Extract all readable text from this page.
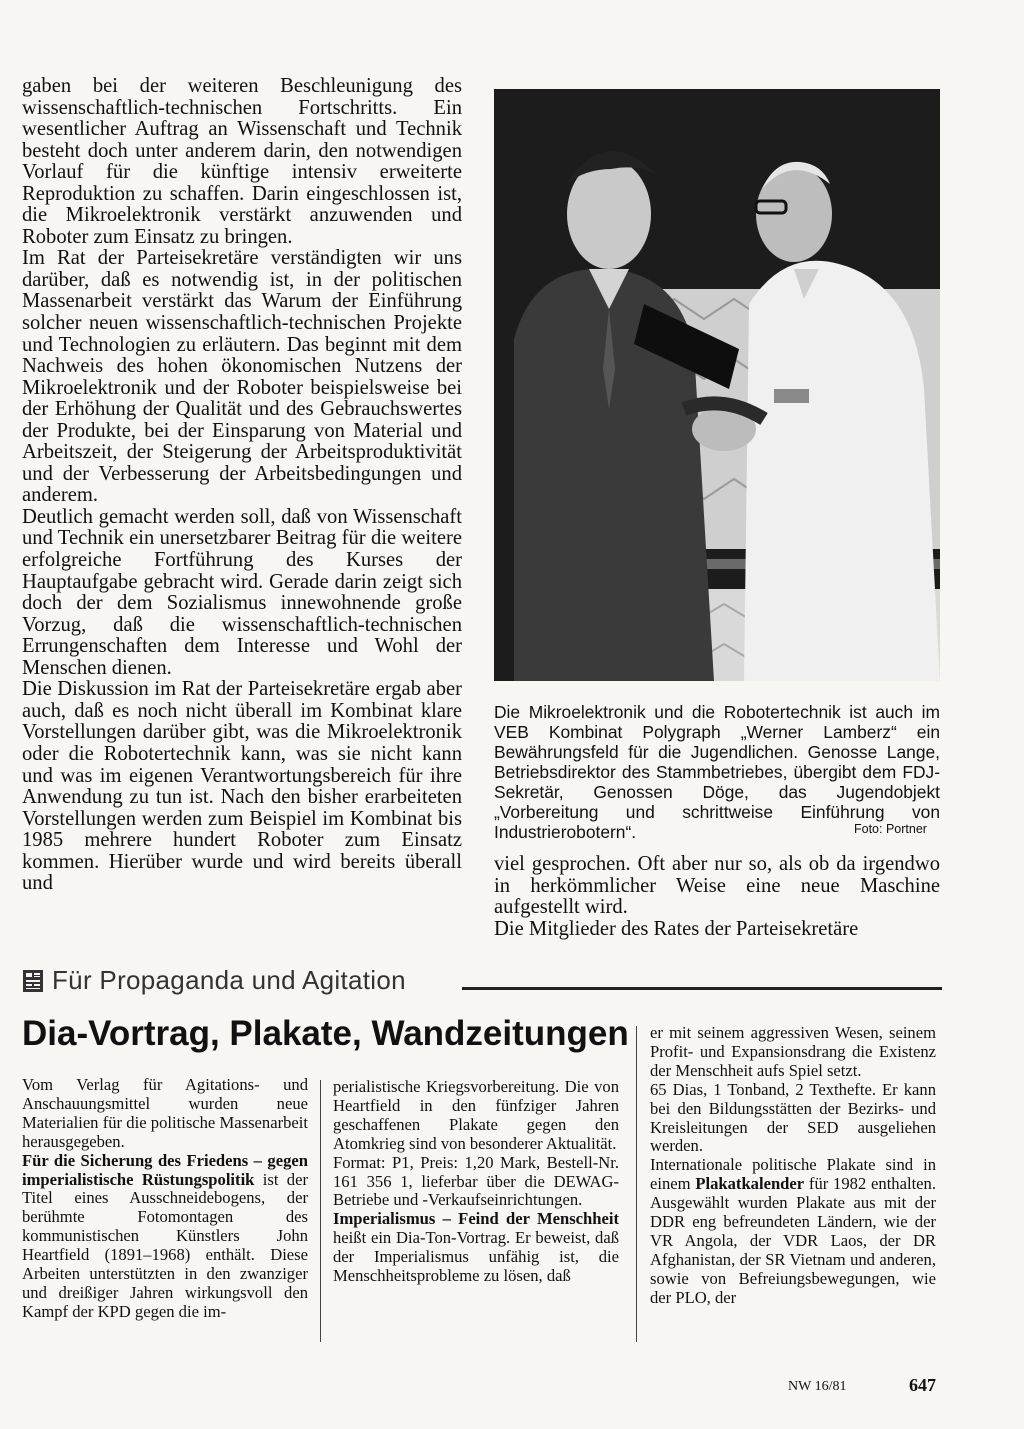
gaben bei der weiteren Beschleunigung des wissenschaftlich-technischen Fortschritts. Ein wesentlicher Auftrag an Wissenschaft und Technik besteht doch unter anderem darin, den notwendigen Vorlauf für die künftige intensiv erweiterte Reproduktion zu schaffen. Darin eingeschlossen ist, die Mikroelektronik verstärkt anzuwenden und Roboter zum Einsatz zu bringen.

Im Rat der Parteisekretäre verständigten wir uns darüber, daß es notwendig ist, in der politischen Massenarbeit verstärkt das Warum der Einführung solcher neuen wissenschaftlich-technischen Projekte und Technologien zu erläutern. Das beginnt mit dem Nachweis des hohen ökonomischen Nutzens der Mikroelektronik und der Roboter beispielsweise bei der Erhöhung der Qualität und des Gebrauchswertes der Produkte, bei der Einsparung von Material und Arbeitszeit, der Steigerung der Arbeitsproduktivität und der Verbesserung der Arbeitsbedingungen und anderem.

Deutlich gemacht werden soll, daß von Wissenschaft und Technik ein unersetzbarer Beitrag für die weitere erfolgreiche Fortführung des Kurses der Hauptaufgabe gebracht wird. Gerade darin zeigt sich doch der dem Sozialismus innewohnende große Vorzug, daß die wissenschaftlich-technischen Errungenschaften dem Interesse und Wohl der Menschen dienen.

Die Diskussion im Rat der Parteisekretäre ergab aber auch, daß es noch nicht überall im Kombinat klare Vorstellungen darüber gibt, was die Mikroelektronik oder die Robotertechnik kann, was sie nicht kann und was im eigenen Verantwortungsbereich für ihre Anwendung zu tun ist. Nach den bisher erarbeiteten Vorstellungen werden zum Beispiel im Kombinat bis 1985 mehrere hundert Roboter zum Einsatz kommen. Hierüber wurde und wird bereits überall und

Die Mikroelektronik und die Robotertechnik ist auch im VEB Kombinat Polygraph „Werner Lamberz“ ein Bewährungsfeld für die Jugendlichen. Genosse Lange, Betriebsdirektor des Stammbetriebes, übergibt dem FDJ-Sekretär, Genossen Döge, das Jugendobjekt „Vorbereitung und schrittweise Einführung von Industrierobotern“.	Foto: Portner

viel gesprochen. Oft aber nur so, als ob da irgendwo in herkömmlicher Weise eine neue Maschine aufgestellt wird.

Die Mitglieder des Rates der Parteisekretäre

Für Propaganda und Agitation
Dia-Vortrag, Plakate, Wandzeitungen

Vom Verlag für Agitations- und Anschauungsmittel wurden neue Materialien für die politische Massenarbeit herausgegeben.

Für die Sicherung des Friedens – gegen imperialistische Rüstungspolitik ist der Titel eines Ausschneidebogens, der berühmte Fotomontagen des kommunistischen Künstlers John Heartfield (1891–1968) enthält. Diese Arbeiten unterstützten in den zwanziger und dreißiger Jahren wirkungsvoll den Kampf der KPD gegen die im-

perialistische Kriegsvorbereitung. Die von Heartfield in den fünfziger Jahren geschaffenen Plakate gegen den Atomkrieg sind von besonderer Aktualität.

Format: P1, Preis: 1,20 Mark, Bestell-Nr. 161 356 1, lieferbar über die DEWAG-Betriebe und -Verkaufseinrichtungen.

Imperialismus – Feind der Menschheit heißt ein Dia-Ton-Vortrag. Er beweist, daß der Imperialismus unfähig ist, die Menschheitsprobleme zu lösen, daß

er mit seinem aggressiven Wesen, seinem Profit- und Expansionsdrang die Existenz der Menschheit aufs Spiel setzt.

65 Dias, 1 Tonband, 2 Texthefte. Er kann bei den Bildungsstätten der Bezirks- und Kreisleitungen der SED ausgeliehen werden.

Internationale politische Plakate sind in einem Plakatkalender für 1982 enthalten. Ausgewählt wurden Plakate aus mit der DDR eng befreundeten Ländern, wie der VR Angola, der VDR Laos, der DR Afghanistan, der SR Vietnam und anderen, sowie von Befreiungsbewegungen, wie der PLO, der

NW 16/81	647
